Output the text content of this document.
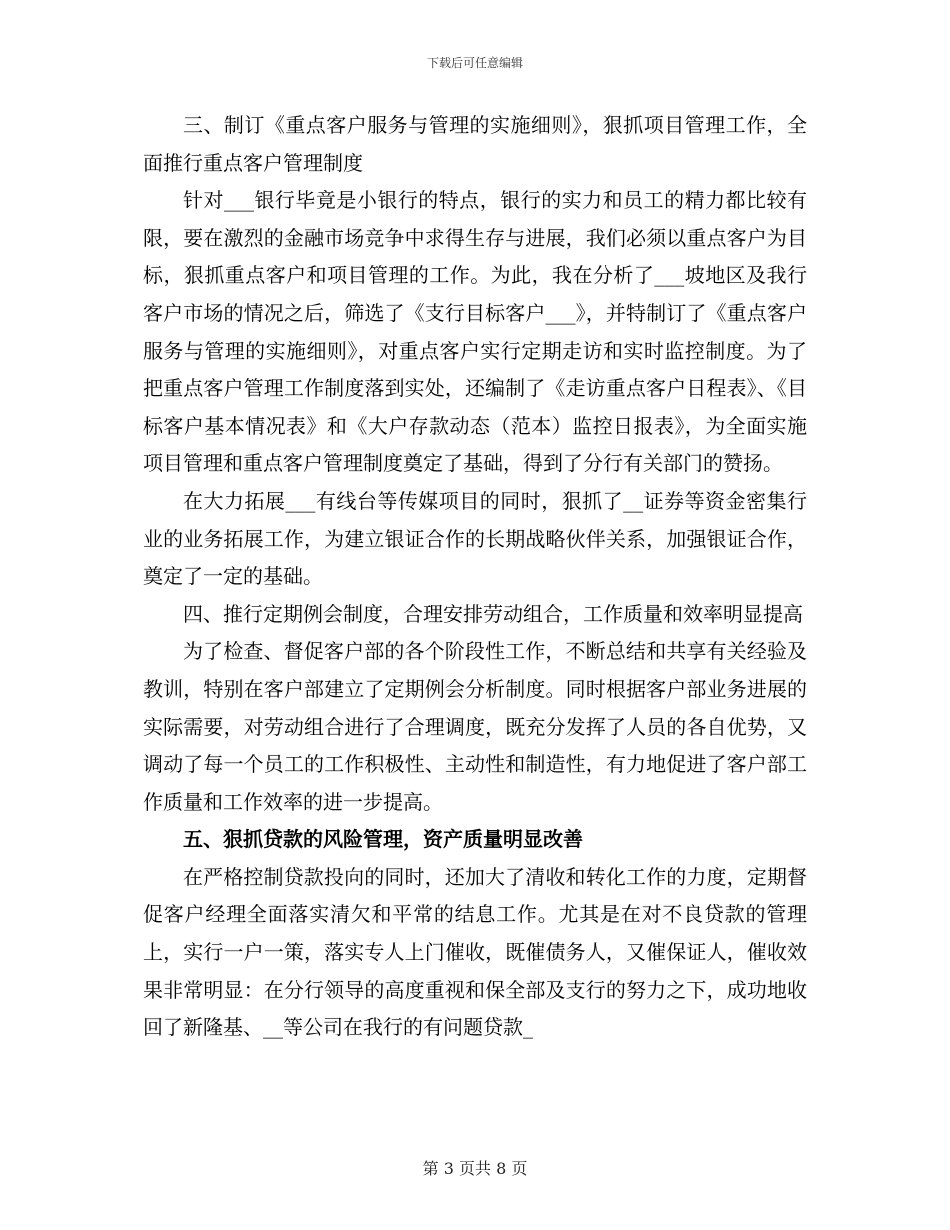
下载后可任意编辑

三、制订《重点客户服务与管理的实施细则》，狠抓项目管理工作，全面推行重点客户管理制度

针对___银行毕竟是小银行的特点，银行的实力和员工的精力都比较有限，要在激烈的金融市场竞争中求得生存与进展，我们必须以重点客户为目标，狠抓重点客户和项目管理的工作。为此，我在分析了___坡地区及我行客户市场的情况之后，筛选了《支行目标客户___》，并特制订了《重点客户服务与管理的实施细则》，对重点客户实行定期走访和实时监控制度。为了把重点客户管理工作制度落到实处，还编制了《走访重点客户日程表》、《目标客户基本情况表》和《大户存款动态（范本）监控日报表》，为全面实施项目管理和重点客户管理制度奠定了基础，得到了分行有关部门的赞扬。

在大力拓展___有线台等传媒项目的同时，狠抓了__证券等资金密集行业的业务拓展工作，为建立银证合作的长期战略伙伴关系，加强银证合作，奠定了一定的基础。

四、推行定期例会制度，合理安排劳动组合，工作质量和效率明显提高

为了检查、督促客户部的各个阶段性工作，不断总结和共享有关经验及教训，特别在客户部建立了定期例会分析制度。同时根据客户部业务进展的实际需要，对劳动组合进行了合理调度，既充分发挥了人员的各自优势，又调动了每一个员工的工作积极性、主动性和制造性，有力地促进了客户部工作质量和工作效率的进一步提高。

五、狠抓贷款的风险管理，资产质量明显改善

在严格控制贷款投向的同时，还加大了清收和转化工作的力度，定期督促客户经理全面落实清欠和平常的结息工作。尤其是在对不良贷款的管理上，实行一户一策，落实专人上门催收，既催债务人，又催保证人，催收效果非常明显：在分行领导的高度重视和保全部及支行的努力之下，成功地收回了新隆基、__等公司在我行的有问题贷款_

第 3 页共 8 页
